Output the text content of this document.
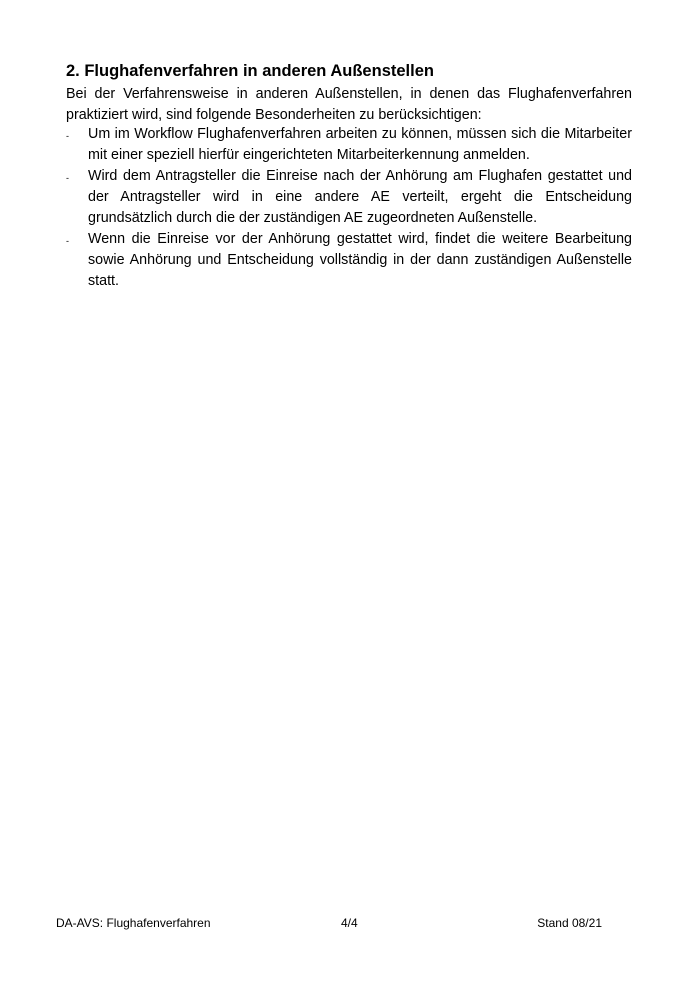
2. Flughafenverfahren in anderen Außenstellen

Bei der Verfahrensweise in anderen Außenstellen, in denen das Flughafenverfahren praktiziert wird, sind folgende Besonderheiten zu berücksichtigen:

- Um im Workflow Flughafenverfahren arbeiten zu können, müssen sich die Mitarbeiter mit einer speziell hierfür eingerichteten Mitarbeiterkennung anmelden.
- Wird dem Antragsteller die Einreise nach der Anhörung am Flughafen gestattet und der Antragsteller wird in eine andere AE verteilt, ergeht die Entscheidung grundsätzlich durch die der zuständigen AE zugeordneten Außenstelle.
- Wenn die Einreise vor der Anhörung gestattet wird, findet die weitere Bearbeitung sowie Anhörung und Entscheidung vollständig in der dann zuständigen Außenstelle statt.
DA-AVS: Flughafenverfahren	4/4	Stand 08/21
